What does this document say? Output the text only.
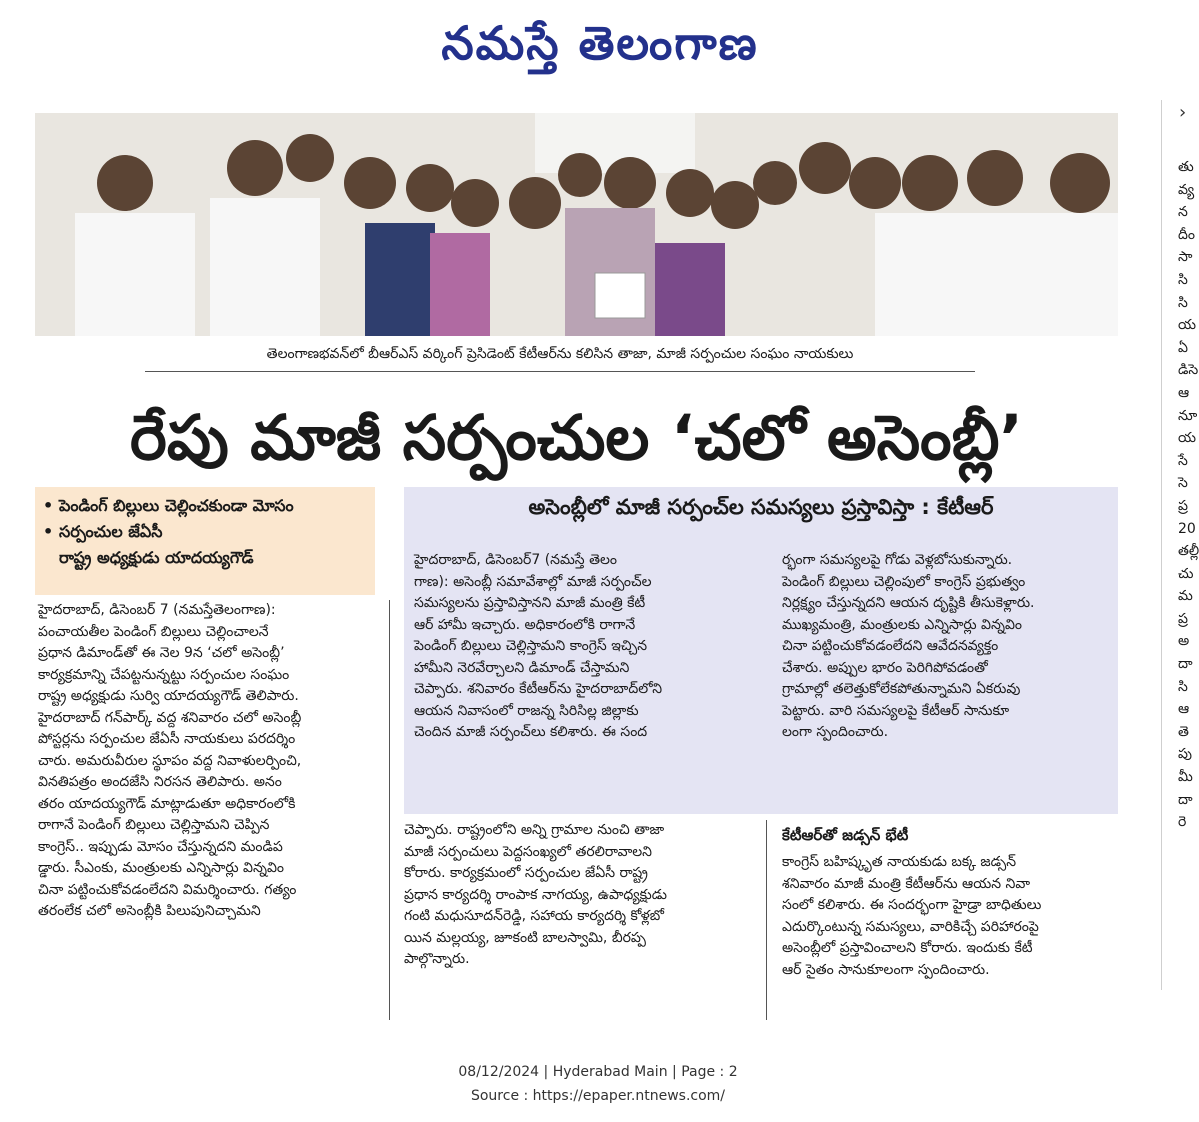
నమస్తే తెలంగాణ
తెలంగాణభవన్‌లో బీఆర్‌ఎస్‌ వర్కింగ్‌ ప్రెసిడెంట్‌ కేటీఆర్‌ను కలిసిన తాజా, మాజీ సర్పంచుల సంఘం నాయకులు
రేపు మాజీ సర్పంచుల ‘చలో అసెంబ్లీ’
• పెండింగ్‌ బిల్లులు చెల్లించకుండా మోసం
• సర్పంచుల జేఏసీ
రాష్ట్ర అధ్యక్షుడు యాదయ్యగౌడ్‌

హైదరాబాద్‌, డిసెంబర్‌ 7 (నమస్తేతెలంగాణ):

పంచాయతీల పెండింగ్‌ బిల్లులు చెల్లించాలనే

ప్రధాన డిమాండ్‌తో ఈ నెల 9న ‘చలో అసెంబ్లీ’

కార్యక్రమాన్ని చేపట్టనున్నట్టు సర్పంచుల సంఘం

రాష్ట్ర అధ్యక్షుడు సుర్వి యాదయ్యగౌడ్‌ తెలిపారు.

హైదరాబాద్‌ గన్‌పార్క్‌ వద్ద శనివారం చలో అసెంబ్లీ

పోస్టర్లను సర్పంచుల జేఏసీ నాయకులు పరదర్శిం

చారు. అమరువీరుల స్థూపం వద్ద నివాళులర్పించి,

వినతిపత్రం అందజేసి నిరసన తెలిపారు. అనం

తరం యాదయ్యగౌడ్‌ మాట్లాడుతూ అధికారంలోకి

రాగానే పెండింగ్‌ బిల్లులు చెల్లిస్తామని చెప్పిన

కాంగ్రెస్‌.. ఇప్పుడు మోసం చేస్తున్నదని మండిప

డ్డారు. సీఎంకు, మంత్రులకు ఎన్నిసార్లు విన్నవిం

చినా పట్టించుకోవడంలేదని విమర్శించారు. గత్యం

తరంలేక చలో అసెంబ్లీకి పిలుపునిచ్చామని

అసెంబ్లీలో మాజీ సర్పంచ్‌ల సమస్యలు ప్రస్తావిస్తా : కేటీఆర్‌

హైదరాబాద్‌, డిసెంబర్‌7 (నమస్తే తెలం

గాణ): అసెంబ్లీ సమావేశాల్లో మాజీ సర్పంచ్‌ల

సమస్యలను ప్రస్తావిస్తానని మాజీ మంత్రి కేటీ

ఆర్‌ హామీ ఇచ్చారు. అధికారంలోకి రాగానే

పెండింగ్‌ బిల్లులు చెల్లిస్తామని కాంగ్రెస్‌ ఇచ్చిన

హామీని నెరవేర్చాలని డిమాండ్‌ చేస్తామని

చెప్పారు. శనివారం కేటీఆర్‌ను హైదరాబాద్‌లోని

ఆయన నివాసంలో రాజన్న సిరిసిల్ల జిల్లాకు

చెందిన మాజీ సర్పంచ్‌లు కలిశారు. ఈ సంద

ర్భంగా సమస్యలపై గోడు వెళ్లబోసుకున్నారు.

పెండింగ్‌ బిల్లులు చెల్లింపులో కాంగ్రెస్‌ ప్రభుత్వం

నిర్లక్ష్యం చేస్తున్నదని ఆయన దృష్టికి తీసుకెళ్లారు.

ముఖ్యమంత్రి, మంత్రులకు ఎన్నిసార్లు విన్నవిం

చినా పట్టించుకోవడంలేదని ఆవేదనవ్యక్తం

చేశారు. అప్పుల భారం పెరిగిపోవడంతో

గ్రామాల్లో తలెత్తుకోలేకపోతున్నామని ఏకరువు

పెట్టారు. వారి సమస్యలపై కేటీఆర్‌ సానుకూ

లంగా స్పందించారు.

చెప్పారు. రాష్ట్రంలోని అన్ని గ్రామాల నుంచి తాజా

మాజీ సర్పంచులు పెద్దసంఖ్యలో తరలిరావాలని

కోరారు. కార్యక్రమంలో సర్పంచుల జేఏసీ రాష్ట్ర

ప్రధాన కార్యదర్శి రాంపాక నాగయ్య, ఉపాధ్యక్షుడు

గంటి మధుసూదన్‌రెడ్డి, సహాయ కార్యదర్శి కోళ్లబో

యిన మల్లయ్య, జూకంటి బాలస్వామి, బీరప్ప

పాల్గొన్నారు.

కేటీఆర్‌తో జడ్సన్‌ భేటీ

కాంగ్రెస్‌ బహిష్కృత నాయకుడు బక్క జడ్సన్‌

శనివారం మాజీ మంత్రి కేటీఆర్‌ను ఆయన నివా

సంలో కలిశారు. ఈ సందర్భంగా హైడ్రా బాధితులు

ఎదుర్కొంటున్న సమస్యలు, వారికిచ్చే పరిహారంపై

అసెంబ్లీలో ప్రస్తావించాలని కోరారు. ఇందుకు కేటీ

ఆర్‌ సైతం సానుకూలంగా స్పందించారు.

తు
వ్య
న
దీం
సా
సి
సి
య
ఏ
డిసె
ఆ
నూ
య
సే
సె
ప్ర
20
తల్లీ
చు
మ
ప్ర
అ
దా
సి
ఆ
తె
పు
మీ
దా
రె
›
08/12/2024 | Hyderabad Main | Page : 2
Source : https://epaper.ntnews.com/
